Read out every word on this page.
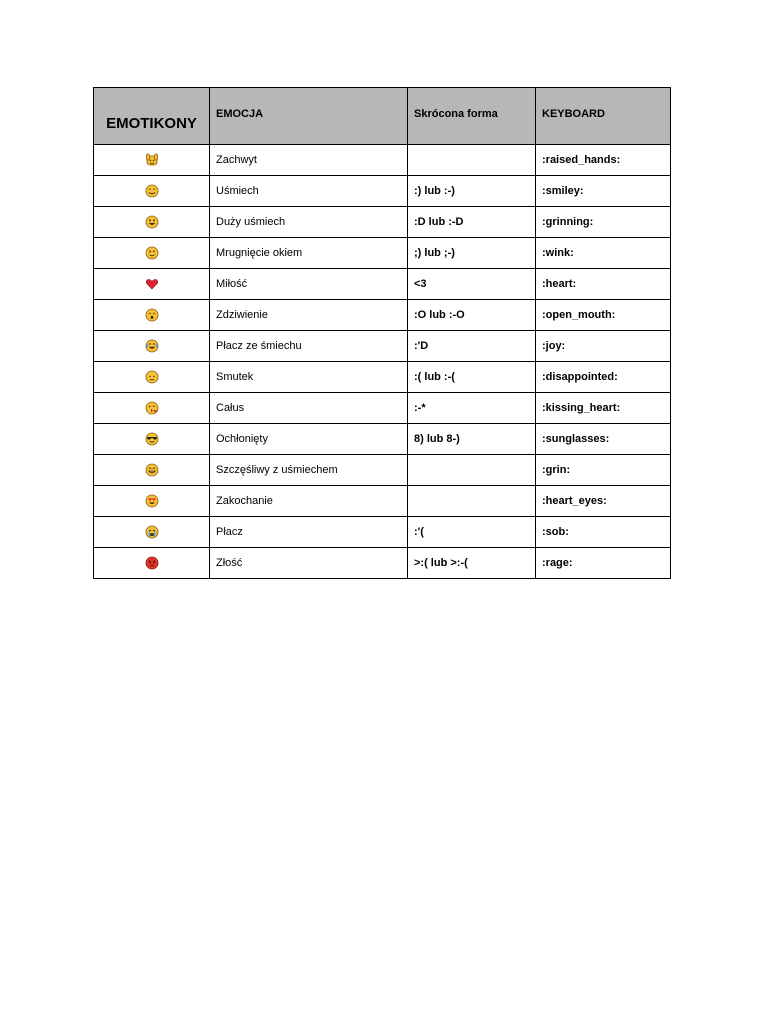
EMOTIKONY	EMOCJA	Skrócona forma	KEYBOARD

	Zachwyt		:raised_hands:

	Uśmiech	:) lub :-)	:smiley:

	Duży uśmiech	:D lub :-D	:grinning:

	Mrugnięcie okiem	;) lub ;-)	:wink:

	Miłość	<3	:heart:

	Zdziwienie	:O lub :-O	:open_mouth:

	Płacz ze śmiechu	:'D	:joy:

	Smutek	:( lub :-(	:disappointed:

	Całus	:-*	:kissing_heart:

	Ochłonięty	8) lub 8-)	:sunglasses:

	Szczęśliwy z uśmiechem		:grin:

	Zakochanie		:heart_eyes:

	Płacz	:'(	:sob:

	Złość	>:( lub >:-(	:rage:
